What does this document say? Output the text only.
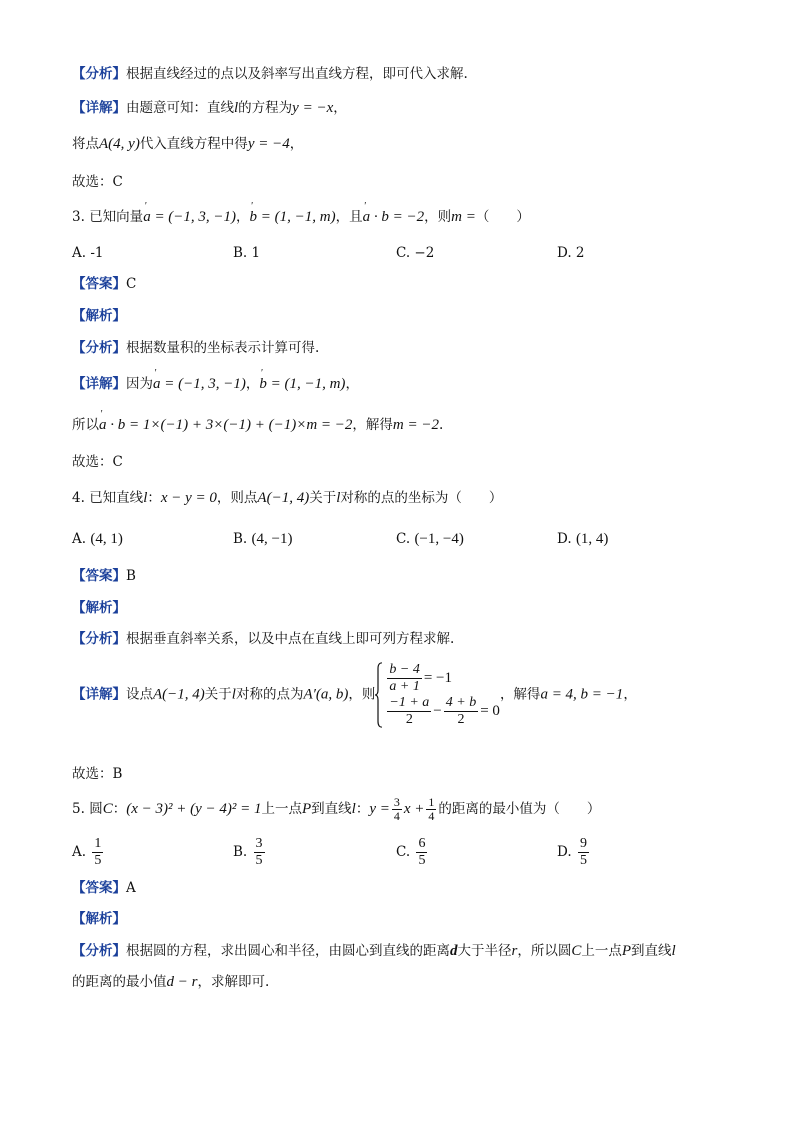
【分析】根据直线经过的点以及斜率写出直线方程，即可代入求解.
【详解】由题意可知：直线l的方程为y = −x，
将点A(4, y)代入直线方程中得y = −4，
故选：C
3. 已知向量' a = (−1, 3, −1)，' b = (1, −1, m)，且' a · b = −2，则m =（　　）
A. -1	B. 1	C. −2	D. 2
【答案】C
【解析】
【分析】根据数量积的坐标表示计算可得.
【详解】因为' a = (−1, 3, −1)，' b = (1, −1, m)，
所以' a · b = 1×(−1) + 3×(−1) + (−1)×m = −2，解得m = −2.
故选：C
4. 已知直线l：x − y = 0，则点A(−1, 4)关于l对称的点的坐标为（　　）
A. (4, 1)	B. (4, −1)	C. (−1, −4)	D. (1, 4)
【答案】B
【解析】
【分析】根据垂直斜率关系，以及中点在直线上即可列方程求解.
【详解】设点A(−1, 4)关于l对称的点为A′(a, b)，则 $\frac{b - 4}{a + 1} = -1$
$\frac{-1 + a}{2} - \frac{4 + b}{2} = 0$
，解得a = 4, b = −1，
故选：B
5. 圆C：(x − 3)² + (y − 4)² = 1上一点P到直线l：$y = \frac{3}{4}$ $x + \frac{1}{4}$ 的距离的最小值为（　　）
A. $\frac{1}{5}$	B. $\frac{3}{5}$	C. $\frac{6}{5}$	D. $\frac{9}{5}$
【答案】A
【解析】
【分析】根据圆的方程，求出圆心和半径，由圆心到直线的距离d大于半径r，所以圆C上一点P到直线l
的距离的最小值d − r，求解即可.
